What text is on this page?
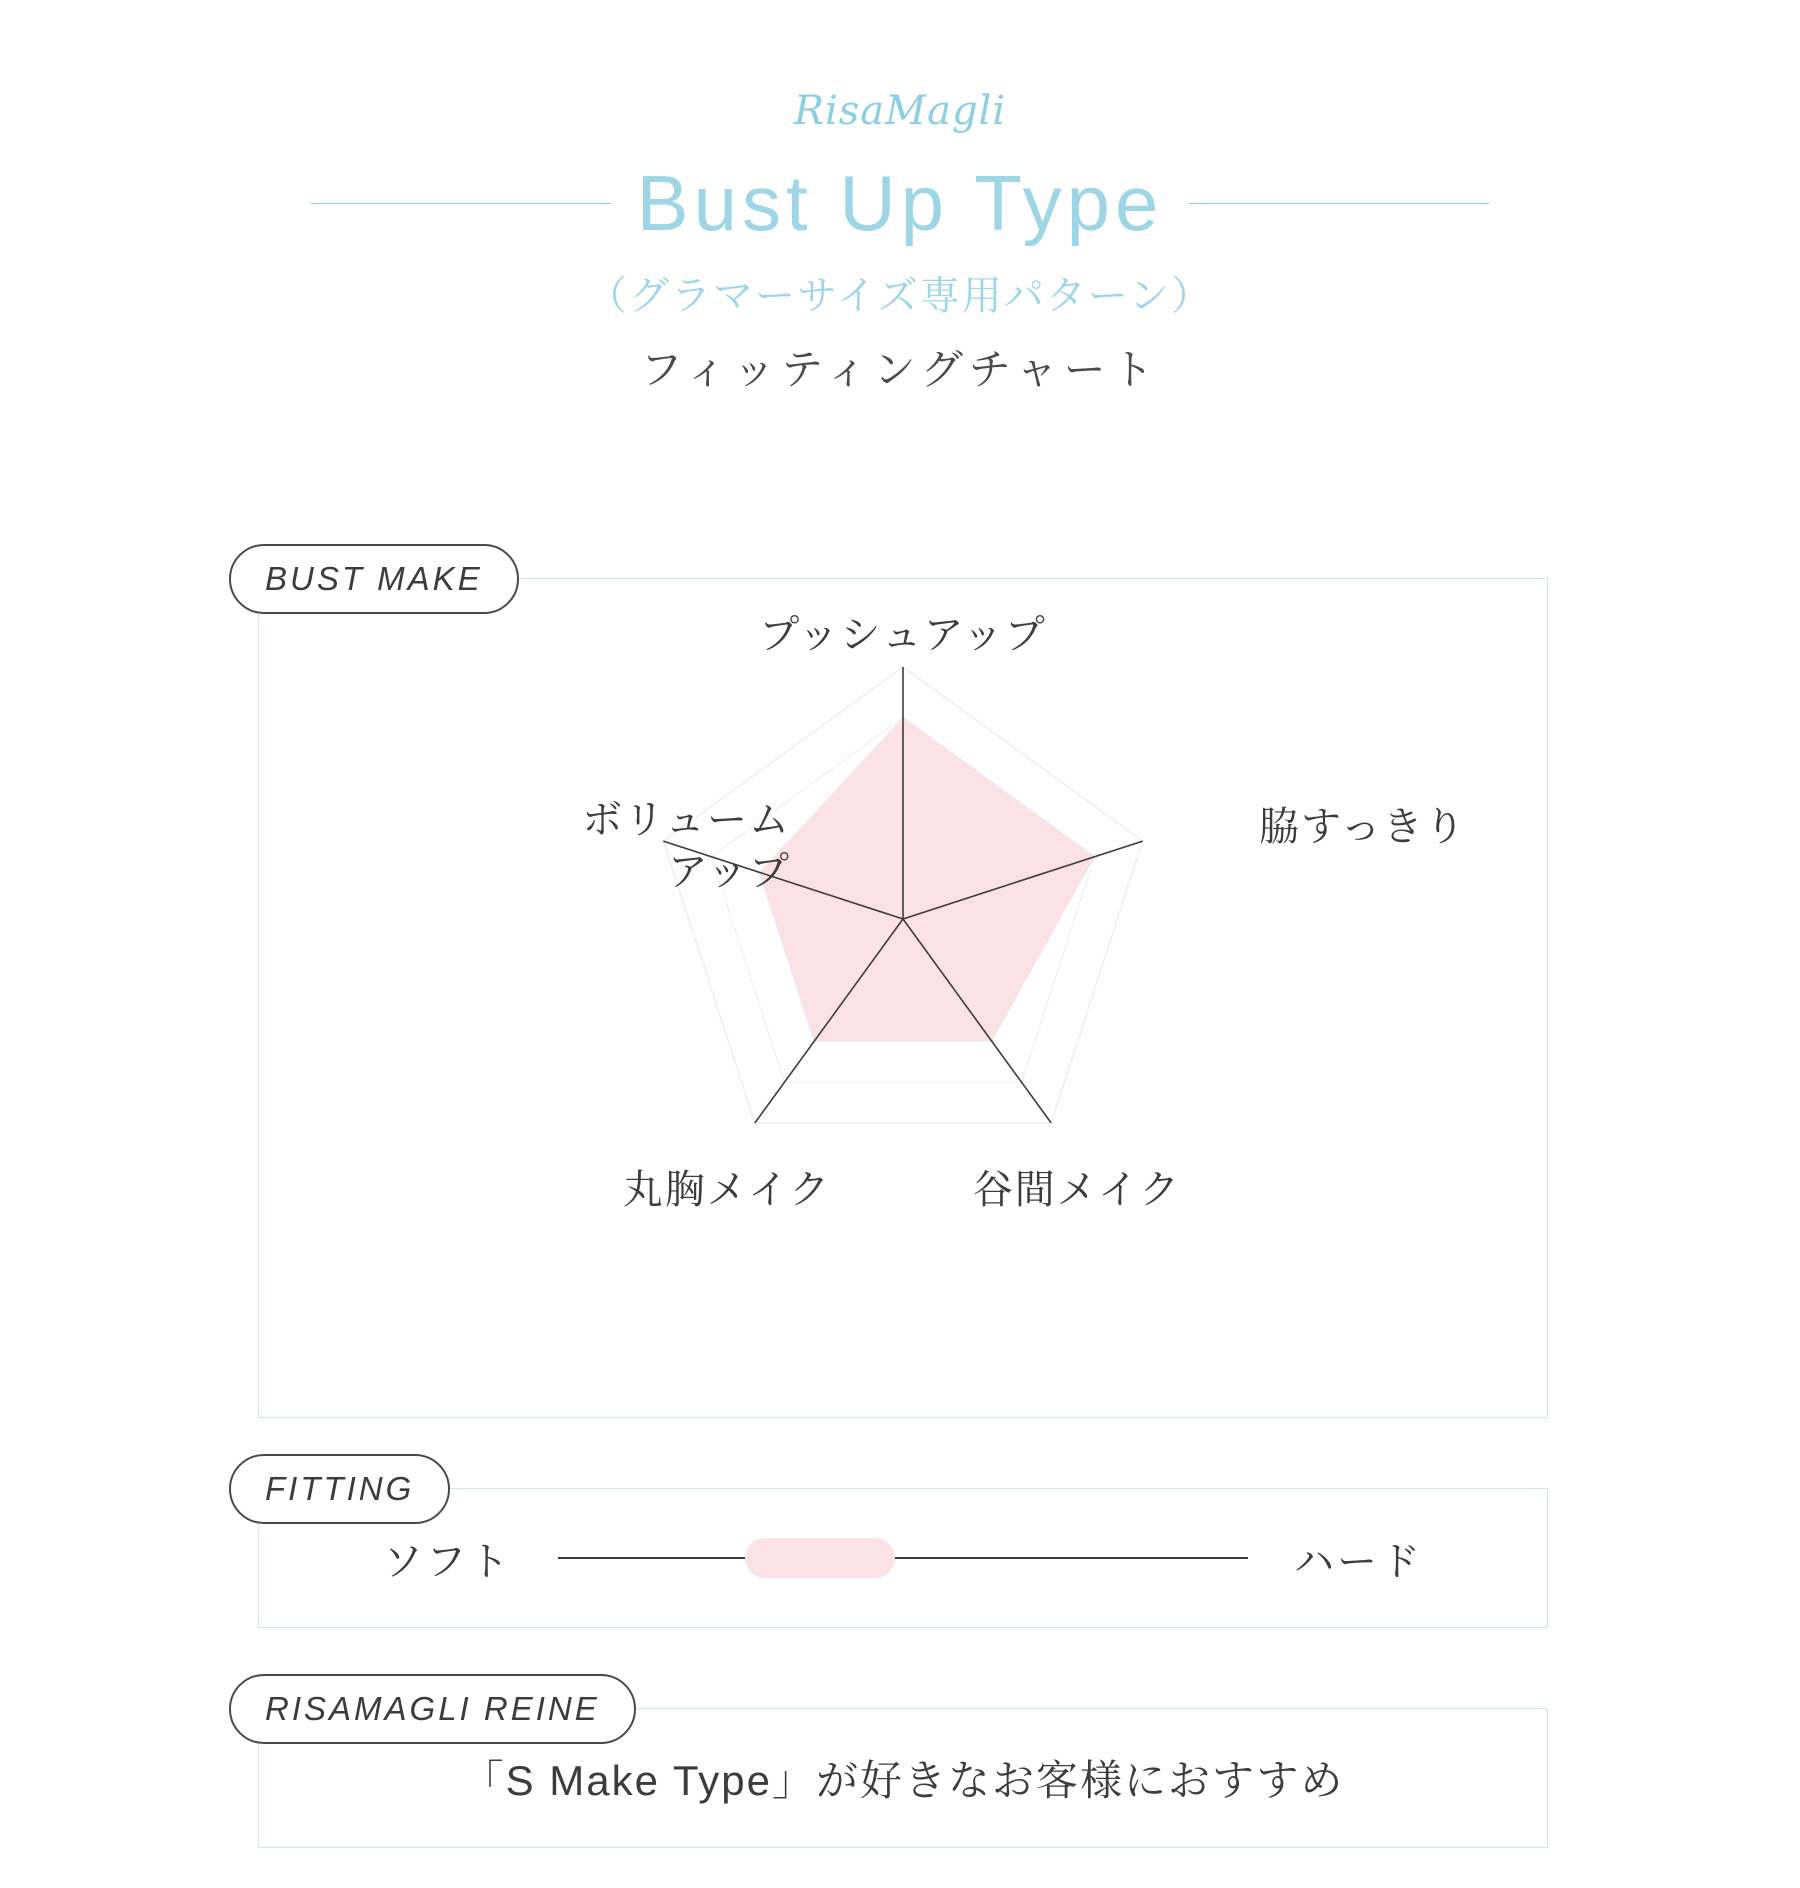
RisaMagli
Bust Up Type
（グラマーサイズ専用パターン）
フィッティングチャート
BUST MAKE
プッシュアップ
脇すっきり
谷間メイク
丸胸メイク
ボリューム
アップ
FITTING
ソフト	ハード
RISAMAGLI REINE
「S Make Type」が好きなお客様におすすめ
